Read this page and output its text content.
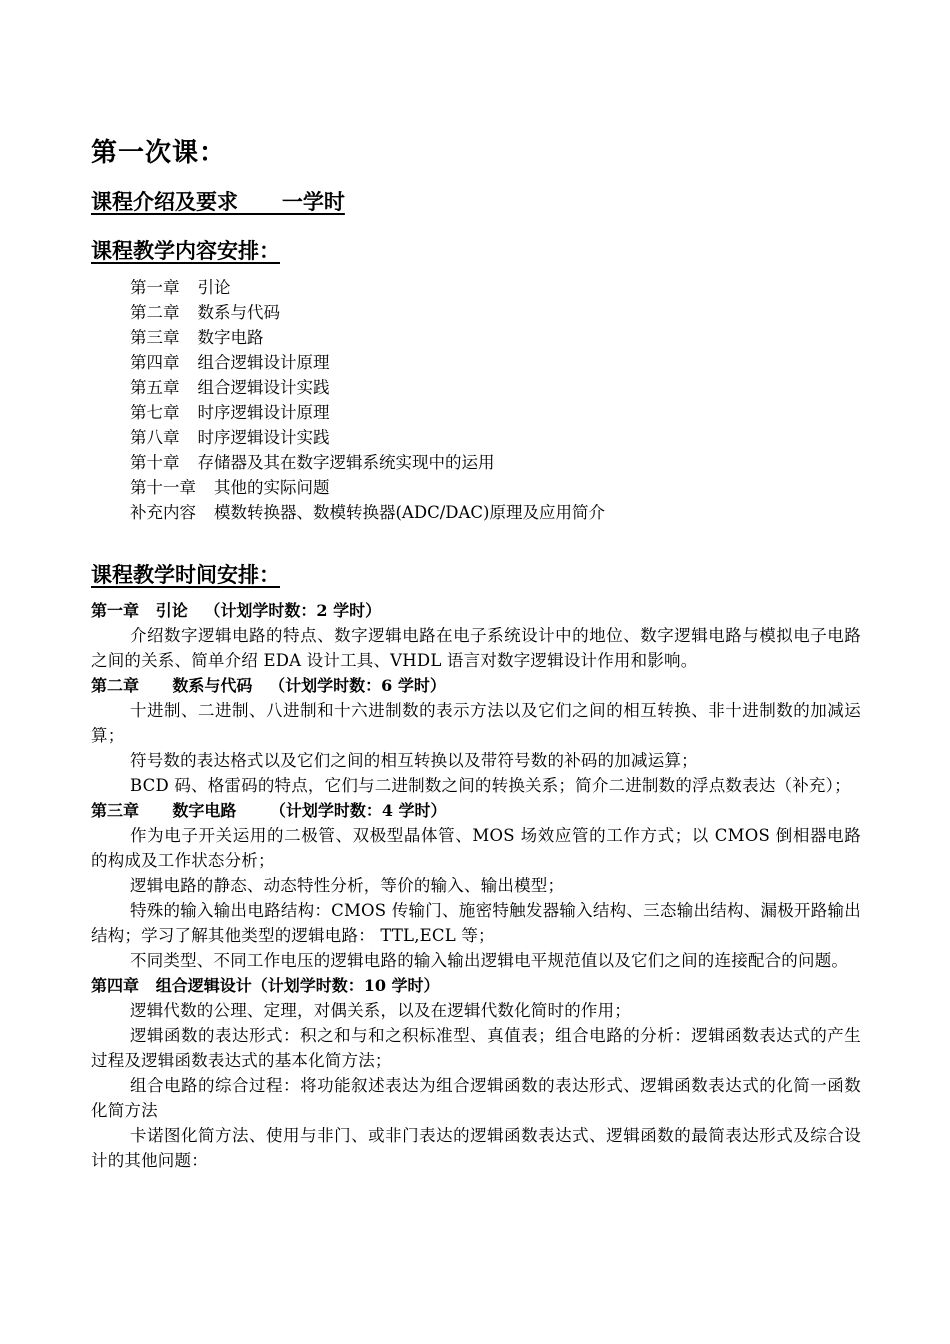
第一次课：
课程介绍及要求      一学时
课程教学内容安排：
第一章 引论
第二章 数系与代码
第三章 数字电路
第四章 组合逻辑设计原理
第五章 组合逻辑设计实践
第七章 时序逻辑设计原理
第八章 时序逻辑设计实践
第十章 存储器及其在数字逻辑系统实现中的运用
第十一章 其他的实际问题
补充内容 模数转换器、数模转换器(ADC/DAC)原理及应用简介
课程教学时间安排：
第一章   引论   （计划学时数：2 学时）

介绍数字逻辑电路的特点、数字逻辑电路在电子系统设计中的地位、数字逻辑电路与模拟电子电路之间的关系、简单介绍 EDA 设计工具、VHDL 语言对数字逻辑设计作用和影响。

第二章      数系与代码   （计划学时数：6 学时）

十进制、二进制、八进制和十六进制数的表示方法以及它们之间的相互转换、非十进制数的加减运算；

符号数的表达格式以及它们之间的相互转换以及带符号数的补码的加减运算；

BCD 码、格雷码的特点，它们与二进制数之间的转换关系；简介二进制数的浮点数表达（补充）；

第三章      数字电路      （计划学时数：4 学时）

作为电子开关运用的二极管、双极型晶体管、MOS 场效应管的工作方式；以 CMOS 倒相器电路的构成及工作状态分析；

逻辑电路的静态、动态特性分析，等价的输入、输出模型；

特殊的输入输出电路结构：CMOS 传输门、施密特触发器输入结构、三态输出结构、漏极开路输出结构；学习了解其他类型的逻辑电路： TTL,ECL 等；

不同类型、不同工作电压的逻辑电路的输入输出逻辑电平规范值以及它们之间的连接配合的问题。

第四章   组合逻辑设计（计划学时数：10 学时）

逻辑代数的公理、定理，对偶关系，以及在逻辑代数化简时的作用；

逻辑函数的表达形式：积之和与和之积标准型、真值表；组合电路的分析：逻辑函数表达式的产生过程及逻辑函数表达式的基本化简方法；

组合电路的综合过程：将功能叙述表达为组合逻辑函数的表达形式、逻辑函数表达式的化简一函数化简方法

卡诺图化简方法、使用与非门、或非门表达的逻辑函数表达式、逻辑函数的最简表达形式及综合设计的其他问题：
